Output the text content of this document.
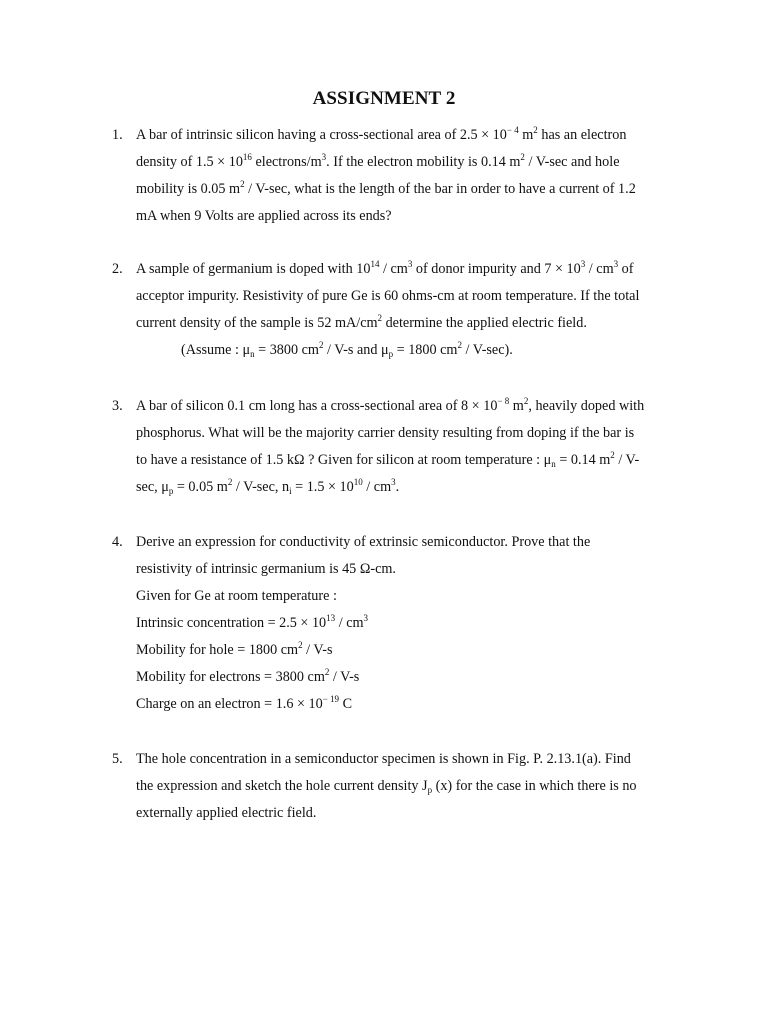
ASSIGNMENT 2
1. A bar of intrinsic silicon having a cross-sectional area of $2.5 \times 10^{- 4}$ $m^2$ has an electron
density of $1.5 \times 10^{16}$ electrons/$m^3$. If the electron mobility is 0.14 $m^2 / V-\sec$ and hole
mobility is 0.05 $m^2 / V-\sec$, what is the length of the bar in order to have a current of 1.2
mA when 9 Volts are applied across its ends?
2. A sample of germanium is doped with $10^{14} / cm^3$ of donor impurity and $7 \times 10^3 / cm^3$ of
acceptor impurity. Resistivity of pure Ge is 60 ohms-cm at room temperature. If the total
current density of the sample is 52 $mA/cm^2$ determine the applied electric field.
(Assume : $\mu_n = 3800$ $cm^2 / V-s$ and $\mu_p = 1800$ $cm^2 / V-\sec$).
3. A bar of silicon 0.1 cm long has a cross-sectional area of $8 \times 10^{- 8}$ $m^2$, heavily doped with
phosphorus. What will be the majority carrier density resulting from doping if the bar is
to have a resistance of 1.5 kΩ ? Given for silicon at room temperature : $\mu_n = 0.14$ $m^2 / V-$
sec, $\mu_p = 0.05$ $m^2 / V-\sec$, $n_i = 1.5 \times 10^{10} / cm^3$.
4. Derive an expression for conductivity of extrinsic semiconductor. Prove that the
resistivity of intrinsic germanium is 45 Ω-cm.
Given for Ge at room temperature :
Intrinsic concentration = $2.5 \times 10^{13} / cm^3$
Mobility for hole = 1800 $cm^2 / V-s$
Mobility for electrons = 3800 $cm^2 / V-s$
Charge on an electron = $1.6 \times 10^{- 19}$ C
5. The hole concentration in a semiconductor specimen is shown in Fig. P. 2.13.1(a). Find
the expression and sketch the hole current density $J_p$ (x) for the case in which there is no
externally applied electric field.
